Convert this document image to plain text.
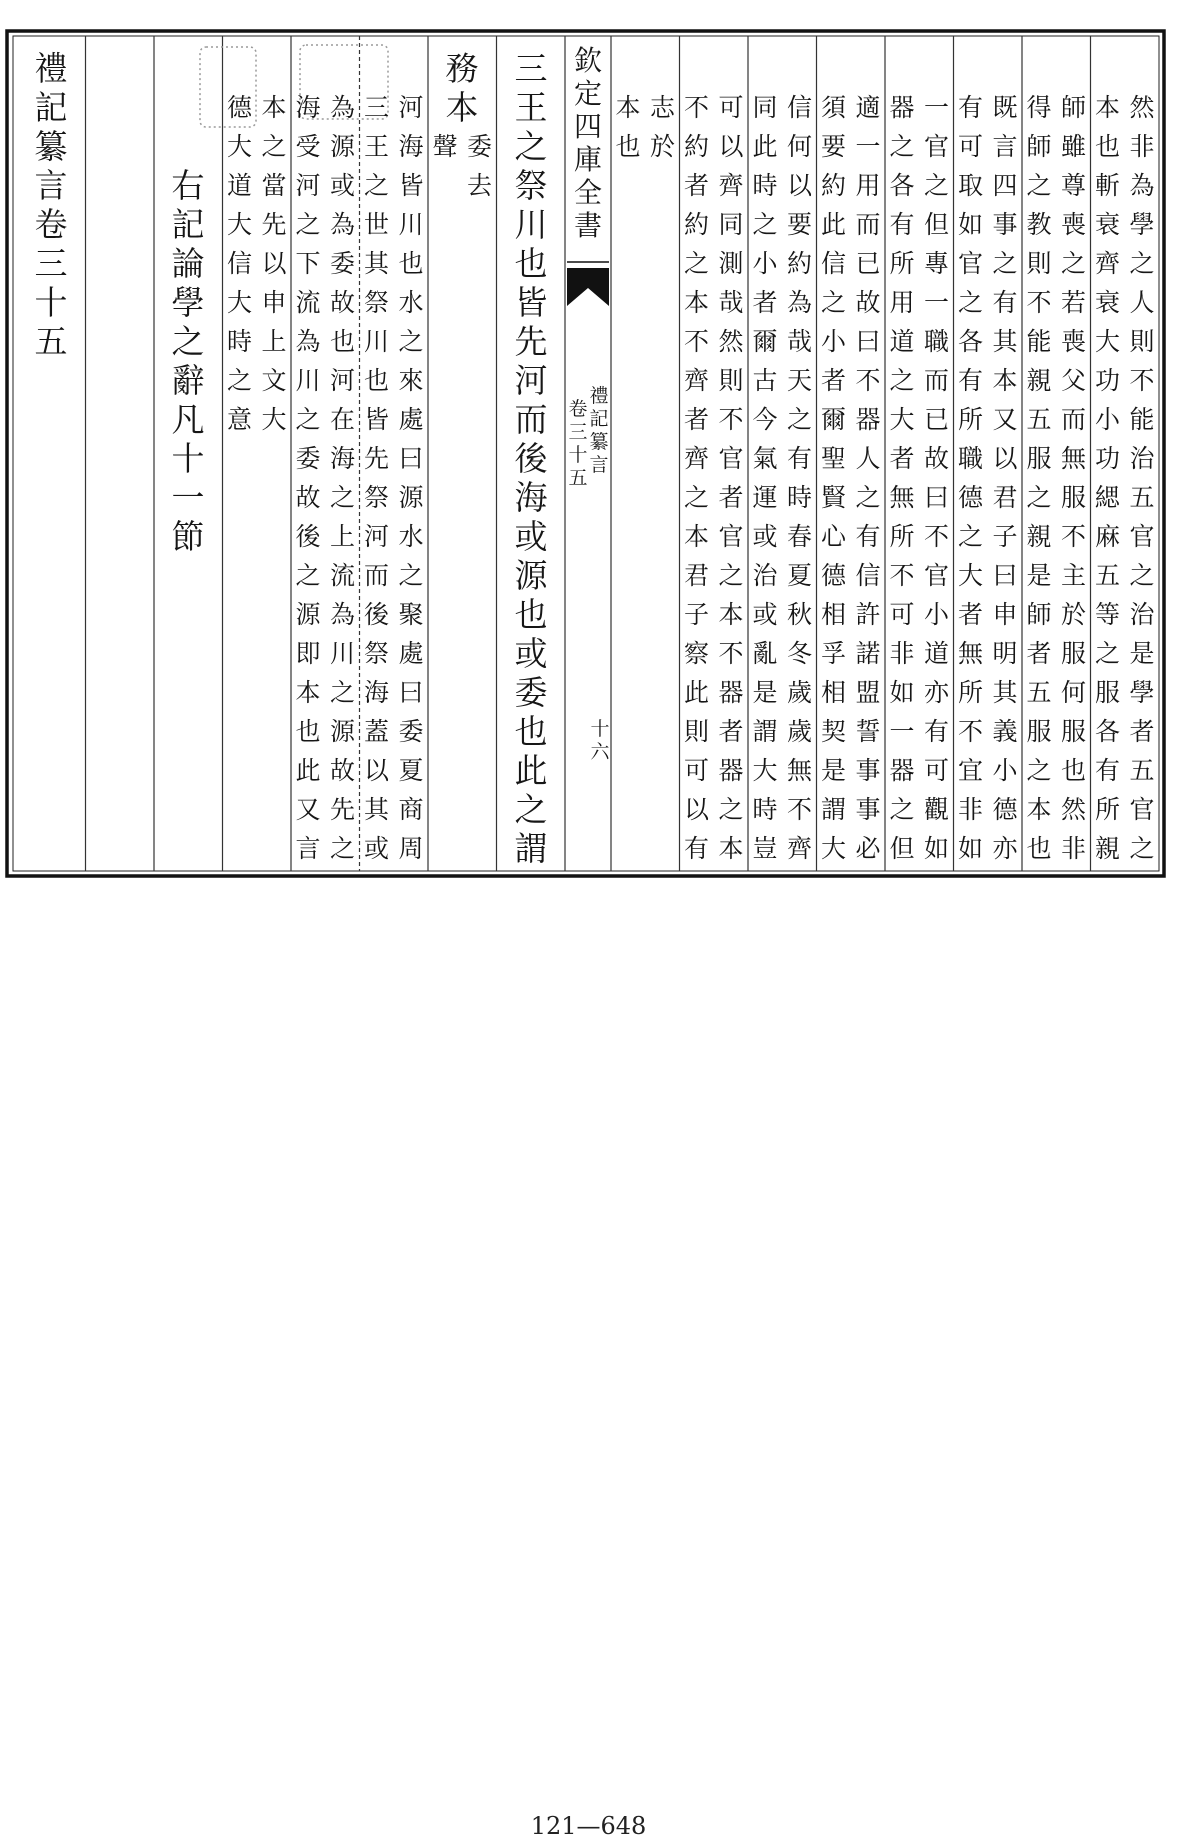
欽
定
四
庫
全
書
禮
記
纂
言
卷
三
十
五
十
六
然
非
為
學
之
人
則
不
能
治
五
官
之
治
是
學
者
五
官
之
本
也
斬
衰
齊
衰
大
功
小
功
緦
麻
五
等
之
服
各
有
所
親
師
雖
尊
喪
之
若
喪
父
而
無
服
不
主
於
服
何
服
也
然
非
得
師
之
教
則
不
能
親
五
服
之
親
是
師
者
五
服
之
本
也
既
言
四
事
之
有
其
本
又
以
君
子
曰
申
明
其
義
小
德
亦
有
可
取
如
官
之
各
有
所
職
德
之
大
者
無
所
不
宜
非
如
一
官
之
但
專
一
職
而
已
故
曰
不
官
小
道
亦
有
可
觀
如
器
之
各
有
所
用
道
之
大
者
無
所
不
可
非
如
一
器
之
但
適
一
用
而
已
故
曰
不
器
人
之
有
信
許
諾
盟
誓
事
事
必
須
要
約
此
信
之
小
者
爾
聖
賢
心
德
相
孚
相
契
是
謂
大
信
何
以
要
約
為
哉
天
之
有
時
春
夏
秋
冬
歲
歲
無
不
齊
同
此
時
之
小
者
爾
古
今
氣
運
或
治
或
亂
是
謂
大
時
豈
可
以
齊
同
測
哉
然
則
不
官
者
官
之
本
不
器
者
器
之
本
不
約
者
約
之
本
不
齊
者
齊
之
本
君
子
察
此
則
可
以
有
志
於
本
也
三
王
之
祭
川
也
皆
先
河
而
後
海
或
源
也
或
委
也
此
之
謂
務
本
委
去
聲
河
海
皆
川
也
水
之
來
處
曰
源
水
之
聚
處
曰
委
夏
商
周
三
王
之
世
其
祭
川
也
皆
先
祭
河
而
後
祭
海
蓋
以
其
或
為
源
或
為
委
故
也
河
在
海
之
上
流
為
川
之
源
故
先
之
海
受
河
之
下
流
為
川
之
委
故
後
之
源
即
本
也
此
又
言
本
之
當
先
以
申
上
文
大
德
大
道
大
信
大
時
之
意
右
記
論
學
之
辭
凡
十
一
節
禮
記
纂
言
卷
三
十
五
121—648
